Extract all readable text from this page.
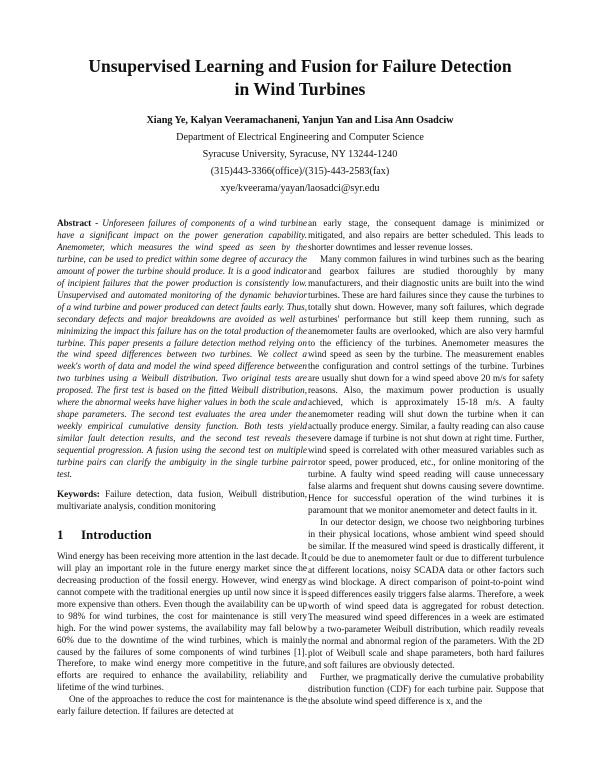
Unsupervised Learning and Fusion for Failure Detection
in Wind Turbines
Xiang Ye, Kalyan Veeramachaneni, Yanjun Yan and Lisa Ann Osadciw
Department of Electrical Engineering and Computer Science
Syracuse University, Syracuse, NY 13244-1240
(315)443-3366(office)/(315)-443-2583(fax)
xye/kveerama/yayan/laosadci@syr.edu

Abstract - Unforeseen failures of components of a wind turbine have a significant impact on the power generation capability. Anemometer, which measures the wind speed as seen by the turbine, can be used to predict within some degree of accuracy the amount of power the turbine should produce. It is a good indicator of incipient failures that the power production is consistently low. Unsupervised and automated monitoring of the dynamic behavior of a wind turbine and power produced can detect faults early. Thus, secondary defects and major breakdowns are avoided as well as minimizing the impact this failure has on the total production of the turbine. This paper presents a failure detection method relying on the wind speed differences between two turbines. We collect a week's worth of data and model the wind speed difference between two turbines using a Weibull distribution. Two original tests are proposed. The first test is based on the fitted Weibull distribution, where the abnormal weeks have higher values in both the scale and shape parameters. The second test evaluates the area under the weekly empirical cumulative density function. Both tests yield similar fault detection results, and the second test reveals the sequential progression. A fusion using the second test on multiple turbine pairs can clarify the ambiguity in the single turbine pair test.

Keywords: Failure detection, data fusion, Weibull distribution, multivariate analysis, condition monitoring

1 Introduction

Wind energy has been receiving more attention in the last decade. It will play an important role in the future energy market since the decreasing production of the fossil energy. However, wind energy cannot compete with the traditional energies up until now since it is more expensive than others. Even though the availability can be up to 98% for wind turbines, the cost for maintenance is still very high. For the wind power systems, the availability may fall below 60% due to the downtime of the wind turbines, which is mainly caused by the failures of some components of wind turbines [1]. Therefore, to make wind energy more competitive in the future, efforts are required to enhance the availability, reliability and lifetime of the wind turbines.

One of the approaches to reduce the cost for maintenance is the early failure detection. If failures are detected at

an early stage, the consequent damage is minimized or mitigated, and also repairs are better scheduled. This leads to shorter downtimes and lesser revenue losses.

Many common failures in wind turbines such as the bearing and gearbox failures are studied thoroughly by many manufacturers, and their diagnostic units are built into the wind turbines. These are hard failures since they cause the turbines to totally shut down. However, many soft failures, which degrade turbines' performance but still keep them running, such as anemometer faults are overlooked, which are also very harmful to the efficiency of the turbines. Anemometer measures the wind speed as seen by the turbine. The measurement enables the configuration and control settings of the turbine. Turbines are usually shut down for a wind speed above 20 m/s for safety reasons. Also, the maximum power production is usually achieved, which is approximately 15-18 m/s. A faulty anemometer reading will shut down the turbine when it can actually produce energy. Similar, a faulty reading can also cause severe damage if turbine is not shut down at right time. Further, wind speed is correlated with other measured variables such as rotor speed, power produced, etc., for online monitoring of the turbine. A faulty wind speed reading will cause unnecessary false alarms and frequent shut downs causing severe downtime. Hence for successful operation of the wind turbines it is paramount that we monitor anemometer and detect faults in it.

In our detector design, we choose two neighboring turbines in their physical locations, whose ambient wind speed should be similar. If the measured wind speed is drastically different, it could be due to anemometer fault or due to different turbulence at different locations, noisy SCADA data or other factors such as wind blockage. A direct comparison of point-to-point wind speed differences easily triggers false alarms. Therefore, a week worth of wind speed data is aggregated for robust detection. The measured wind speed differences in a week are estimated by a two-parameter Weibull distribution, which readily reveals the normal and abnormal region of the parameters. With the 2D plot of Weibull scale and shape parameters, both hard failures and soft failures are obviously detected.

Further, we pragmatically derive the cumulative probability distribution function (CDF) for each turbine pair. Suppose that the absolute wind speed difference is x, and the
